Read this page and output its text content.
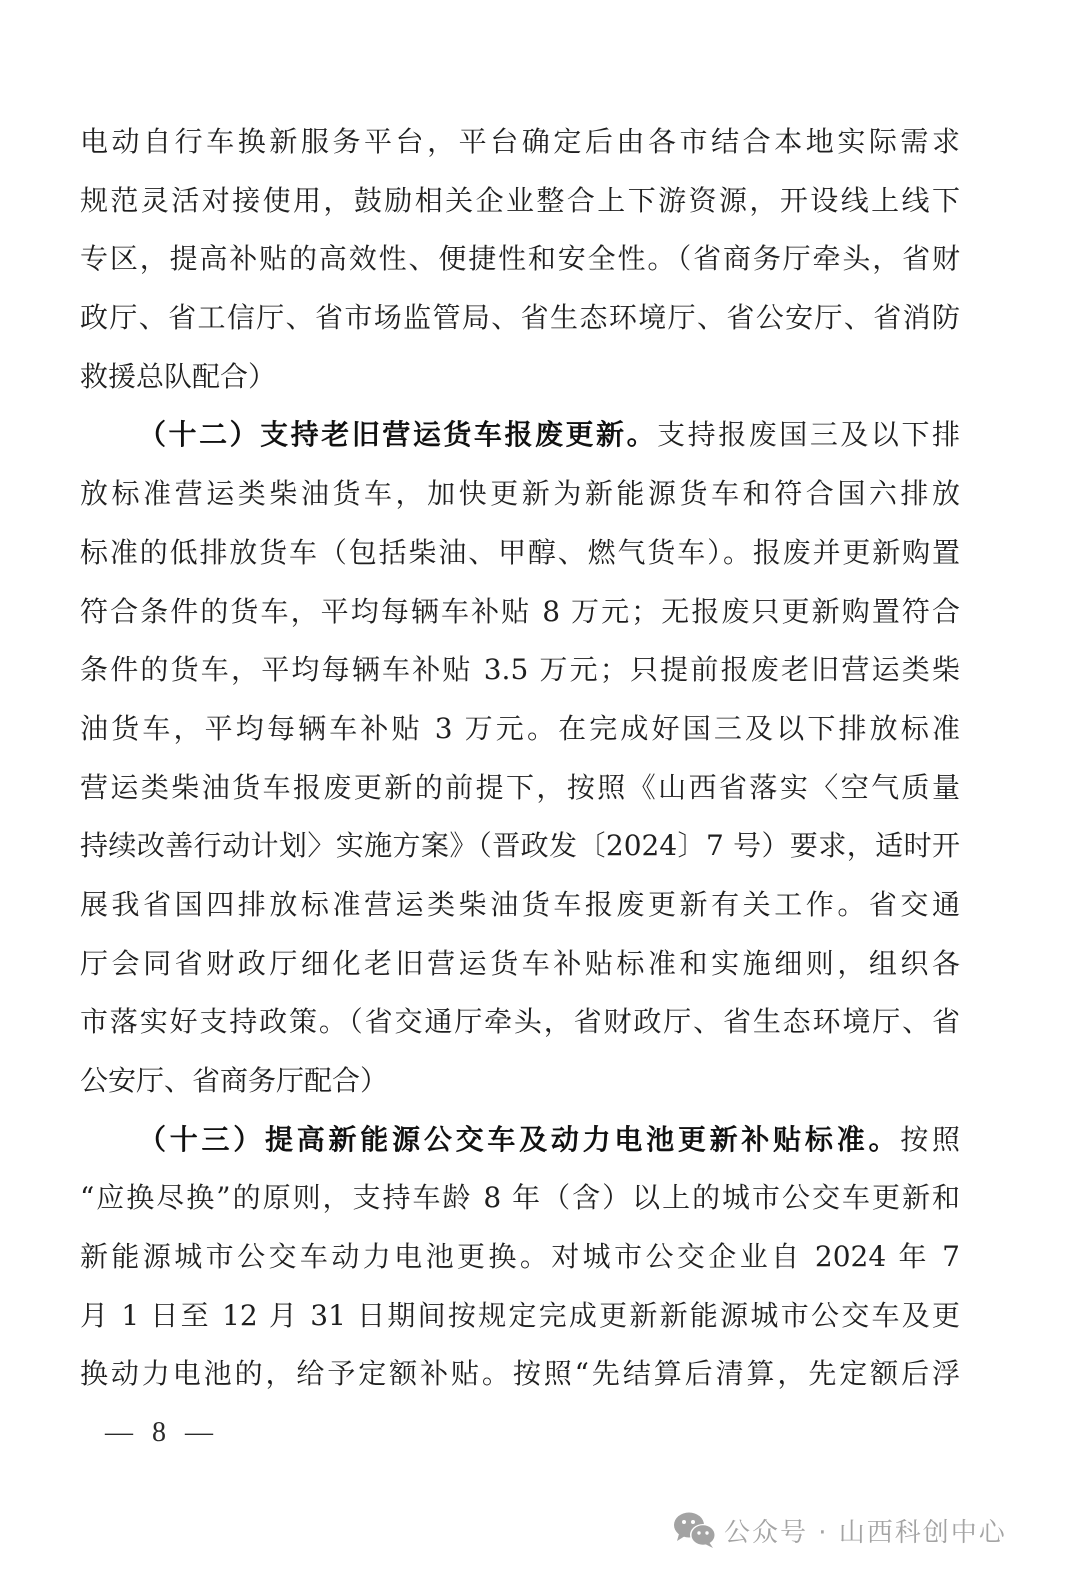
电动自行车换新服务平台，平台确定后由各市结合本地实际需求
规范灵活对接使用，鼓励相关企业整合上下游资源，开设线上线下
专区，提高补贴的高效性、便捷性和安全性。（省商务厅牵头，省财
政厅、省工信厅、省市场监管局、省生态环境厅、省公安厅、省消防
救援总队配合）
（十二）支持老旧营运货车报废更新。支持报废国三及以下排
放标准营运类柴油货车，加快更新为新能源货车和符合国六排放
标准的低排放货车（包括柴油、甲醇、燃气货车）。报废并更新购置
符合条件的货车，平均每辆车补贴 8 万元；无报废只更新购置符合
条件的货车，平均每辆车补贴 3.5 万元；只提前报废老旧营运类柴
油货车，平均每辆车补贴 3 万元。在完成好国三及以下排放标准
营运类柴油货车报废更新的前提下，按照《山西省落实〈空气质量
持续改善行动计划〉实施方案》（晋政发〔2024〕7 号）要求，适时开
展我省国四排放标准营运类柴油货车报废更新有关工作。省交通
厅会同省财政厅细化老旧营运货车补贴标准和实施细则，组织各
市落实好支持政策。（省交通厅牵头，省财政厅、省生态环境厅、省
公安厅、省商务厅配合）
（十三）提高新能源公交车及动力电池更新补贴标准。按照
“应换尽换”的原则，支持车龄 8 年（含）以上的城市公交车更新和
新能源城市公交车动力电池更换。对城市公交企业自 2024 年 7
月 1 日至 12 月 31 日期间按规定完成更新新能源城市公交车及更
换动力电池的，给予定额补贴。按照“先结算后清算，先定额后浮
— 8 —
公众号 · 山西科创中心
